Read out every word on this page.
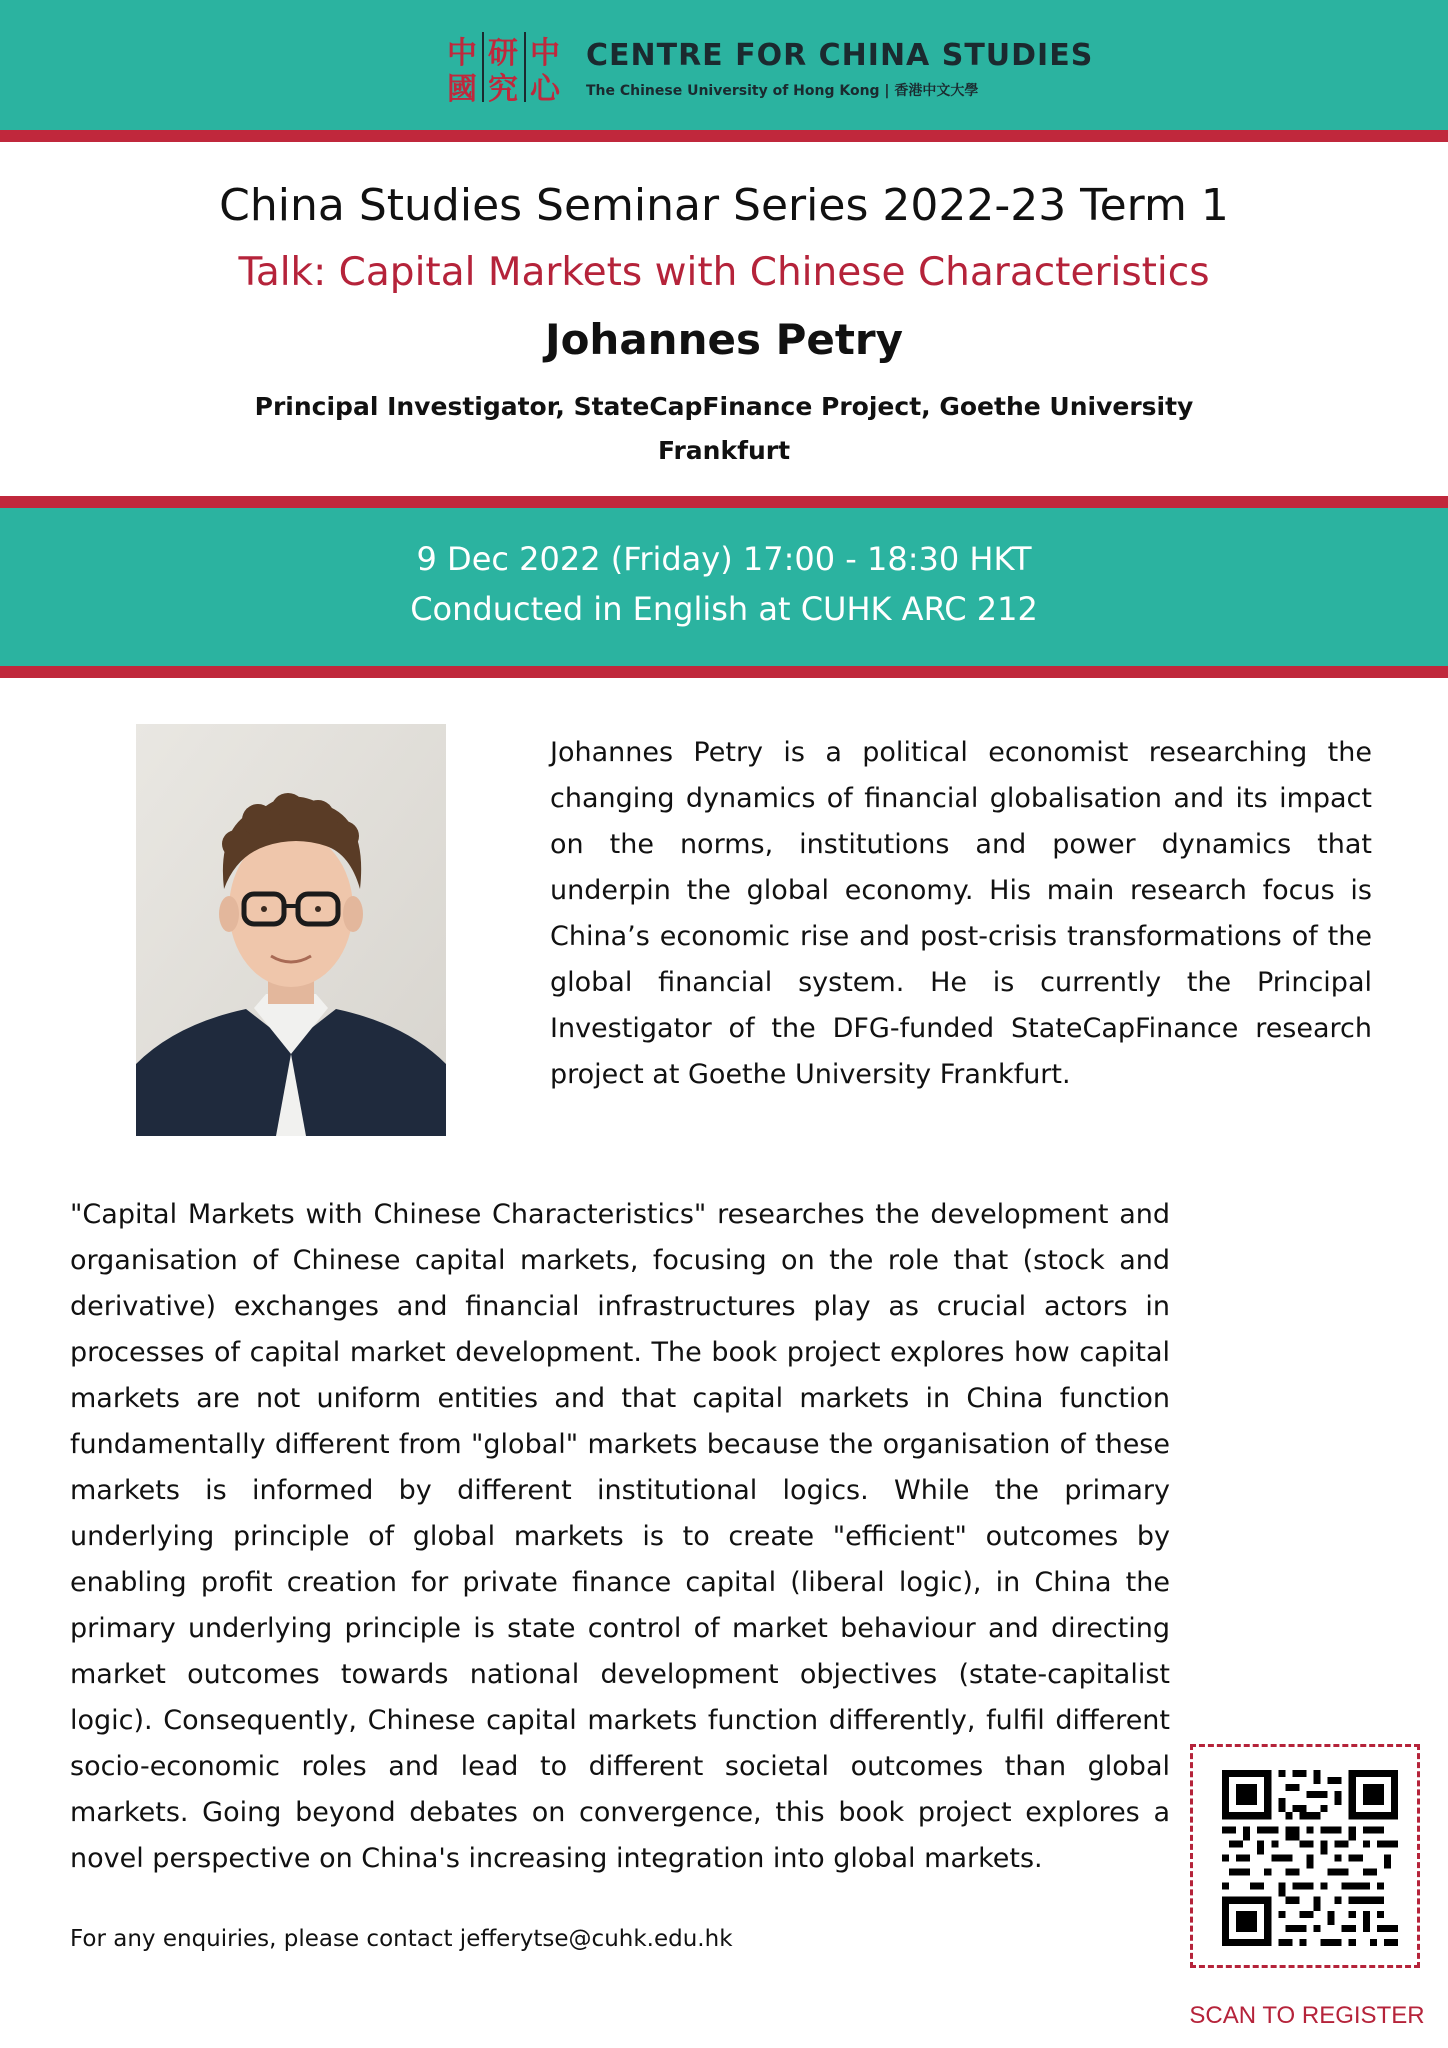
中 研 中
國 究 心
CENTRE FOR CHINA STUDIES
The Chinese University of Hong Kong | 香港中文大學
China Studies Seminar Series 2022-23 Term 1
Talk: Capital Markets with Chinese Characteristics
Johannes Petry
Principal Investigator, StateCapFinance Project, Goethe University Frankfurt
9 Dec 2022 (Friday) 17:00 - 18:30 HKT
Conducted in English at CUHK ARC 212
Johannes Petry is a political economist researching the changing dynamics of financial globalisation and its impact on the norms, institutions and power dynamics that underpin the global economy. His main research focus is China’s economic rise and post-crisis transformations of the global financial system. He is currently the Principal Investigator of the DFG-funded StateCapFinance research project at Goethe University Frankfurt.
"Capital Markets with Chinese Characteristics" researches the development and organisation of Chinese capital markets, focusing on the role that (stock and derivative) exchanges and financial infrastructures play as crucial actors in processes of capital market development. The book project explores how capital markets are not uniform entities and that capital markets in China function fundamentally different from "global" markets because the organisation of these markets is informed by different institutional logics. While the primary underlying principle of global markets is to create "efficient" outcomes by enabling profit creation for private finance capital (liberal logic), in China the primary underlying principle is state control of market behaviour and directing market outcomes towards national development objectives (state-capitalist logic). Consequently, Chinese capital markets function differently, fulfil different socio-economic roles and lead to different societal outcomes than global markets. Going beyond debates on convergence, this book project explores a novel perspective on China's increasing integration into global markets.
For any enquiries, please contact jefferytse@cuhk.edu.hk
SCAN TO REGISTER
